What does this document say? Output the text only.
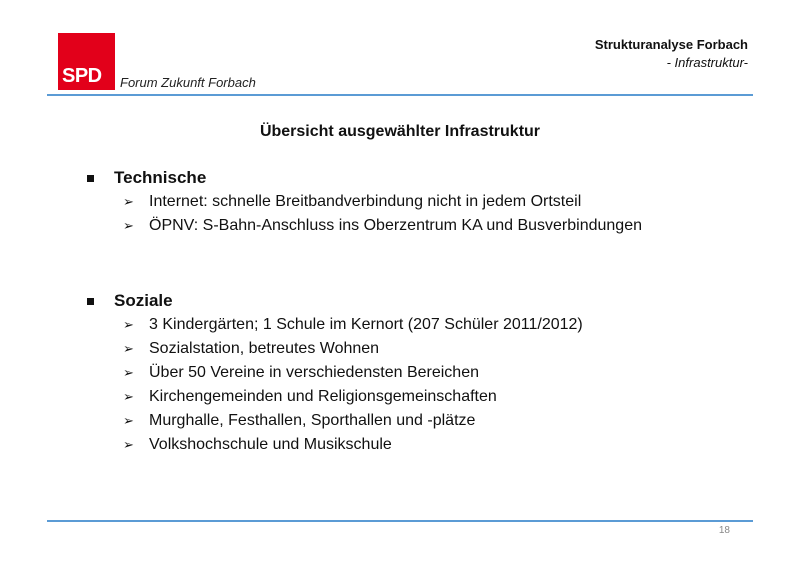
SPD Forum Zukunft Forbach
Strukturanalyse Forbach
- Infrastruktur-
Übersicht ausgewählter Infrastruktur
Technische
➢ Internet: schnelle Breitbandverbindung nicht in jedem Ortsteil
➢ ÖPNV: S-Bahn-Anschluss ins Oberzentrum KA und Busverbindungen
Soziale
➢ 3 Kindergärten; 1 Schule im Kernort (207 Schüler 2011/2012)
➢ Sozialstation, betreutes Wohnen
➢ Über 50 Vereine in verschiedensten Bereichen
➢ Kirchengemeinden und Religionsgemeinschaften
➢ Murghalle, Festhallen, Sporthallen und -plätze
➢ Volkshochschule und Musikschule
18
